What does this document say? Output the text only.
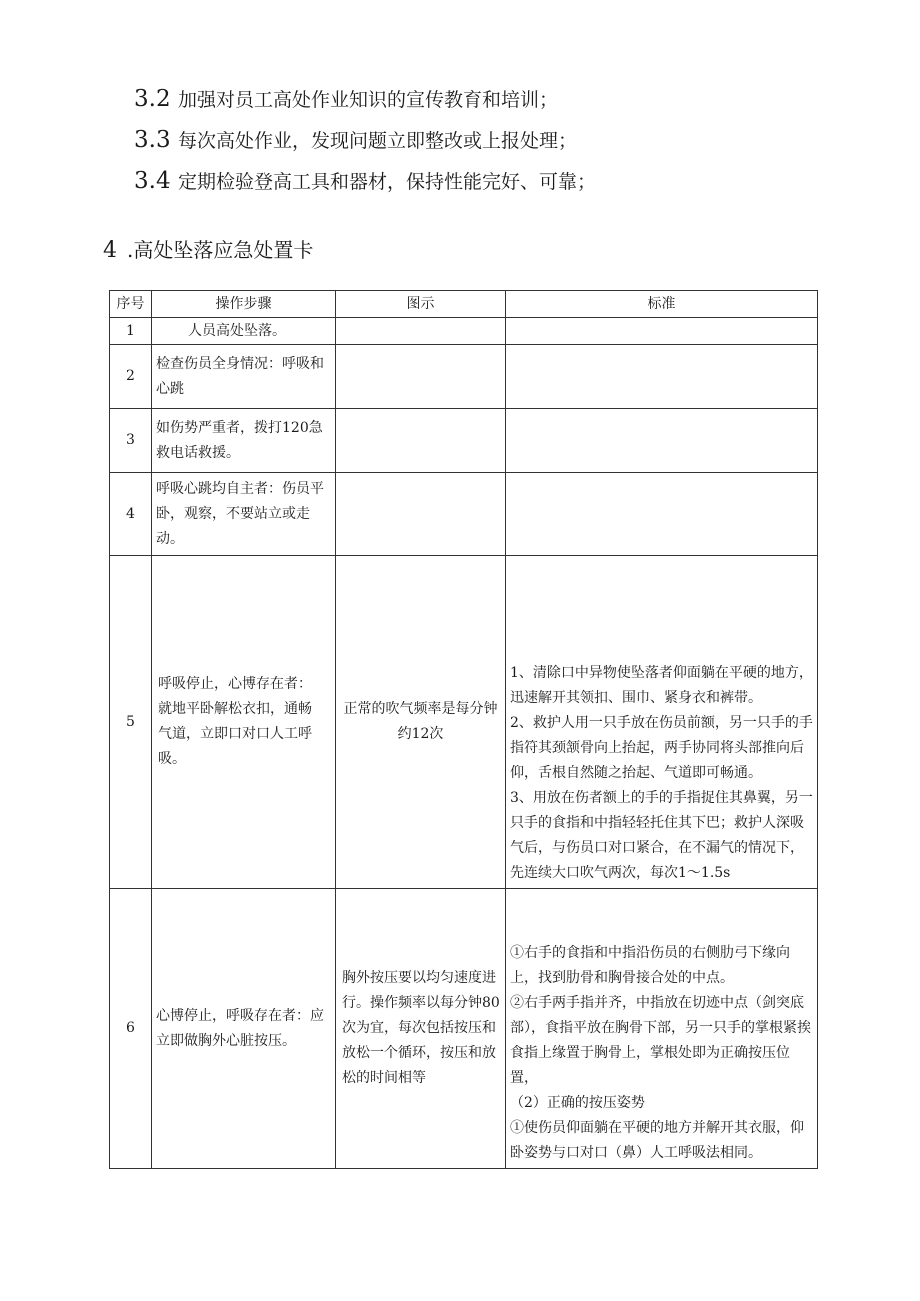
3.2 加强对员工高处作业知识的宣传教育和培训；
3.3 每次高处作业，发现问题立即整改或上报处理；
3.4 定期检验登高工具和器材，保持性能完好、可靠；
4 .高处坠落应急处置卡
序号	操作步骤	图示	标准
1	人员高处坠落。		
2	检查伤员全身情况：呼吸和心跳		
3	如伤势严重者，拨打120急救电话救援。		
4	呼吸心跳均自主者：伤员平卧，观察，不要站立或走动。		
5	呼吸停止，心博存在者：就地平卧解松衣扣，通畅气道，立即口对口人工呼吸。	正常的吹气频率是每分钟约12次	1、清除口中异物使坠落者仰面躺在平硬的地方，迅速解开其领扣、围巾、紧身衣和裤带。
2、救护人用一只手放在伤员前额，另一只手的手指符其颈颔骨向上抬起，两手协同将头部推向后仰，舌根自然随之抬起、气道即可畅通。
3、用放在伤者额上的手的手指捉住其鼻翼，另一只手的食指和中指轻轻托住其下巴；救护人深吸气后，与伤员口对口紧合，在不漏气的情况下，先连续大口吹气两次，每次1～1.5s

6	心博停止，呼吸存在者：应立即做胸外心脏按压。	胸外按压要以均匀速度进行。操作频率以每分钟80次为宜，每次包括按压和放松一个循环，按压和放松的时间相等	①右手的食指和中指沿伤员的右侧肋弓下缘向上，找到肋骨和胸骨接合处的中点。
②右手两手指并齐，中指放在切迹中点（剑突底部），食指平放在胸骨下部，另一只手的掌根紧挨食指上缘置于胸骨上，掌根处即为正确按压位置，
（2）正确的按压姿势
①使伤员仰面躺在平硬的地方并解开其衣服，仰卧姿势与口对口（鼻）人工呼吸法相同。
